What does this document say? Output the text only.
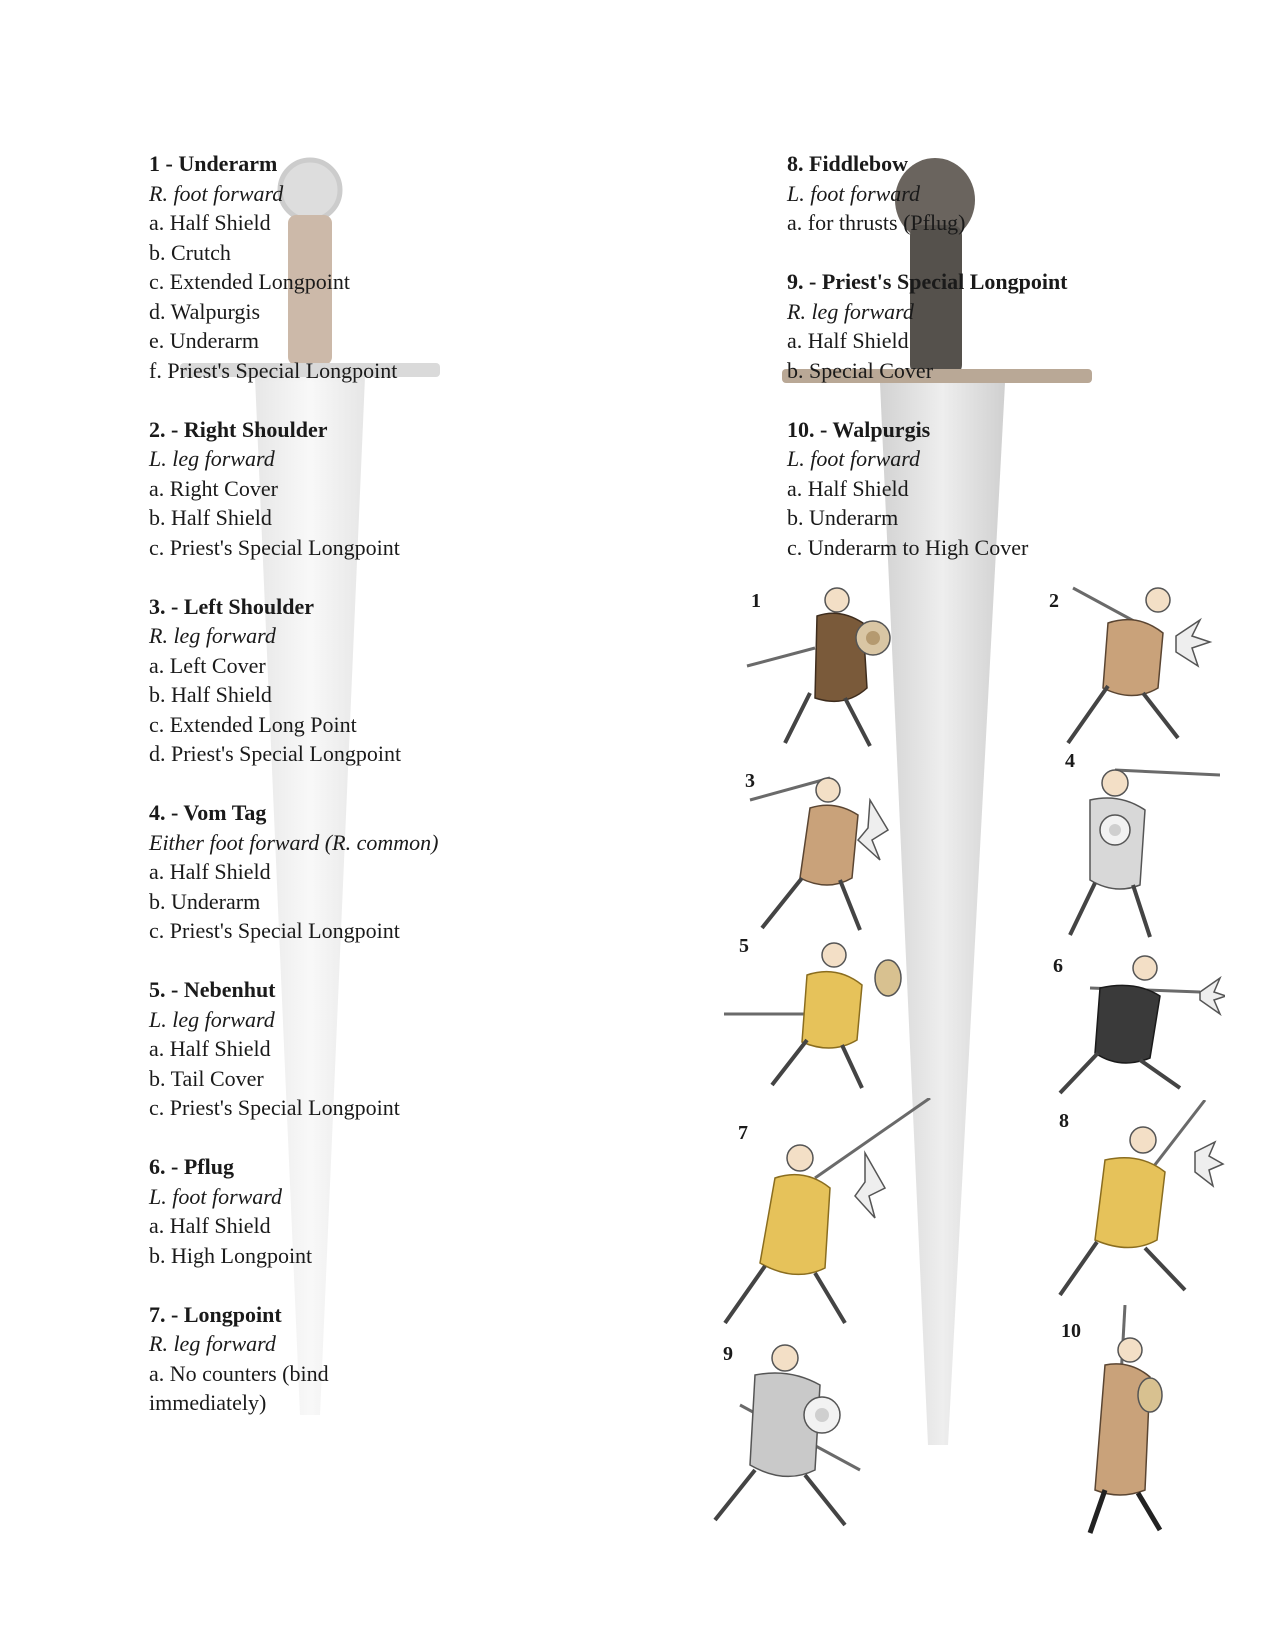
1 - Underarm
R. foot forward
a. Half Shield
b. Crutch
c. Extended Longpoint
d. Walpurgis
e. Underarm
f. Priest's Special Longpoint
2. - Right Shoulder
L. leg forward
a. Right Cover
b. Half Shield
c. Priest's Special Longpoint
3. - Left Shoulder
R. leg forward
a. Left Cover
b. Half Shield
c. Extended Long Point
d. Priest's Special Longpoint
4. - Vom Tag
Either foot forward (R. common)
a. Half Shield
b. Underarm
c. Priest's Special Longpoint
5. - Nebenhut
L. leg forward
a. Half Shield
b. Tail Cover
c. Priest's Special Longpoint
6. - Pflug
L. foot forward
a. Half Shield
b. High Longpoint
7. - Longpoint
R. leg forward
a. No counters (bind immediately)
8. Fiddlebow
L. foot forward
a. for thrusts (Pflug)
9. - Priest's Special Longpoint
R. leg forward
a. Half Shield
b. Special Cover
10. - Walpurgis
L. foot forward
a. Half Shield
b. Underarm
c. Underarm to High Cover
1	2
3
4
5
6
7
8
9
10
